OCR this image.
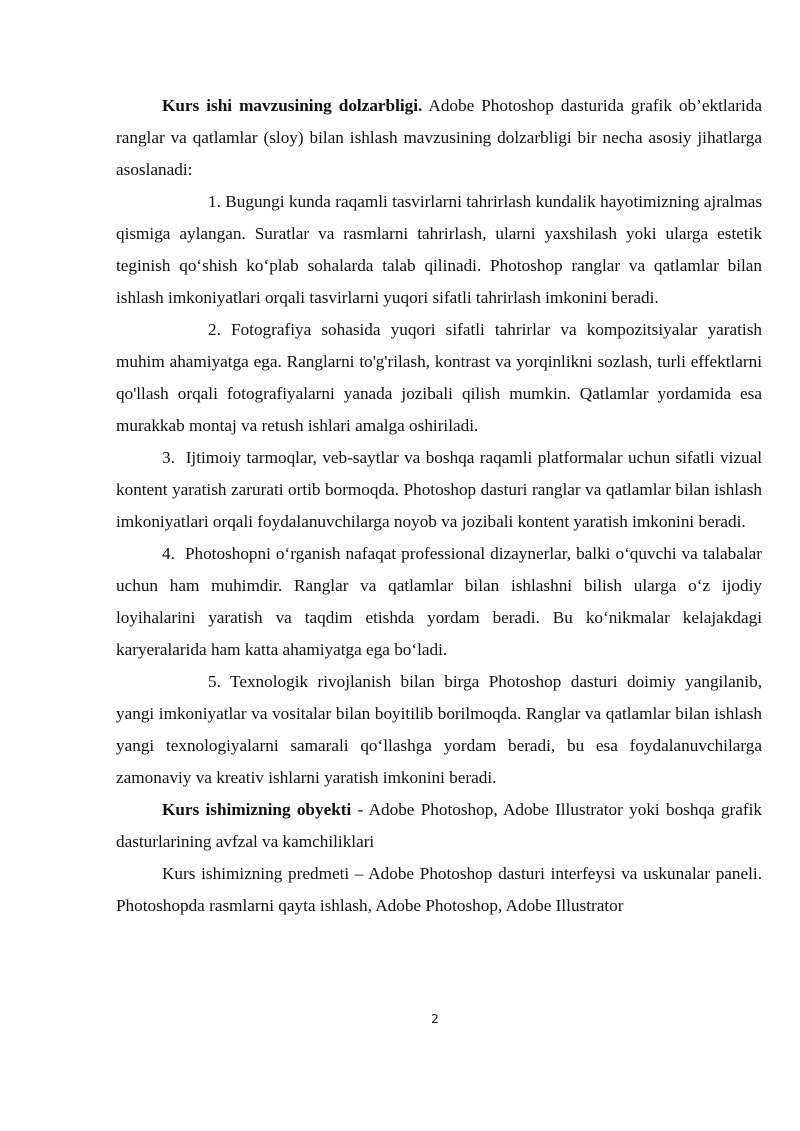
Kurs ishi mavzusining dolzarbligi. Adobe Photoshop dasturida grafik ob’ektlarida ranglar va qatlamlar (sloy) bilan ishlash mavzusining dolzarbligi bir necha asosiy jihatlarga asoslanadi:

1. Bugungi kunda raqamli tasvirlarni tahrirlash kundalik hayotimizning ajralmas qismiga aylangan. Suratlar va rasmlarni tahrirlash, ularni yaxshilash yoki ularga estetik teginish qo‘shish ko‘plab sohalarda talab qilinadi. Photoshop ranglar va qatlamlar bilan ishlash imkoniyatlari orqali tasvirlarni yuqori sifatli tahrirlash imkonini beradi.

2. Fotografiya sohasida yuqori sifatli tahrirlar va kompozitsiyalar yaratish muhim ahamiyatga ega. Ranglarni to'g'rilash, kontrast va yorqinlikni sozlash, turli effektlarni qo'llash orqali fotografiyalarni yanada jozibali qilish mumkin. Qatlamlar yordamida esa murakkab montaj va retush ishlari amalga oshiriladi.

3. Ijtimoiy tarmoqlar, veb-saytlar va boshqa raqamli platformalar uchun sifatli vizual kontent yaratish zarurati ortib bormoqda. Photoshop dasturi ranglar va qatlamlar bilan ishlash imkoniyatlari orqali foydalanuvchilarga noyob va jozibali kontent yaratish imkonini beradi.

4. Photoshopni o‘rganish nafaqat professional dizaynerlar, balki o‘quvchi va talabalar uchun ham muhimdir. Ranglar va qatlamlar bilan ishlashni bilish ularga o‘z ijodiy loyihalarini yaratish va taqdim etishda yordam beradi. Bu ko‘nikmalar kelajakdagi karyeralarida ham katta ahamiyatga ega bo‘ladi.

5. Texnologik rivojlanish bilan birga Photoshop dasturi doimiy yangilanib, yangi imkoniyatlar va vositalar bilan boyitilib borilmoqda. Ranglar va qatlamlar bilan ishlash yangi texnologiyalarni samarali qo‘llashga yordam beradi, bu esa foydalanuvchilarga zamonaviy va kreativ ishlarni yaratish imkonini beradi.

Kurs ishimizning obyekti - Adobe Photoshop, Adobe Illustrator yoki boshqa grafik dasturlarining avfzal va kamchiliklari

Kurs ishimizning predmeti – Adobe Photoshop dasturi interfeysi va uskunalar paneli. Photoshopda rasmlarni qayta ishlash, Adobe Photoshop, Adobe Illustrator

2
